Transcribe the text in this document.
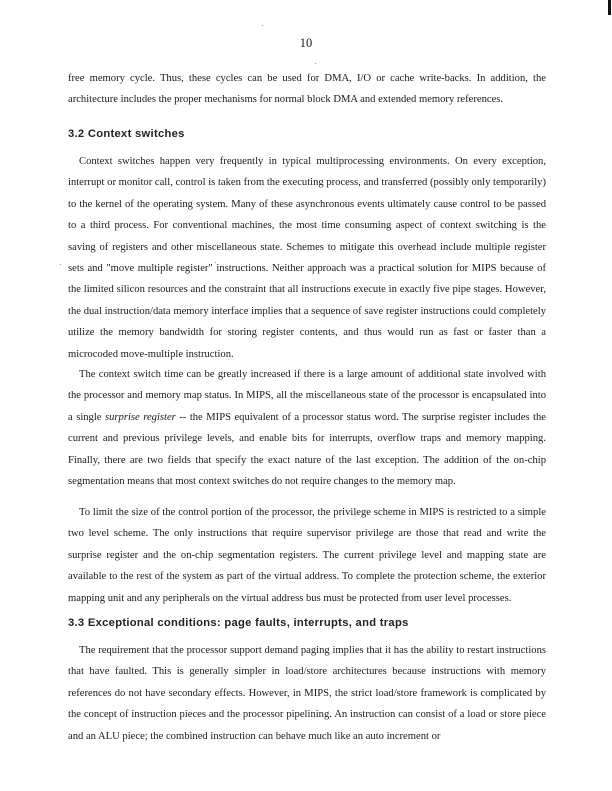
10

free memory cycle. Thus, these cycles can be used for DMA, I/O or cache write-backs. In addition, the architecture includes the proper mechanisms for normal block DMA and extended memory references.

3.2 Context switches

Context switches happen very frequently in typical multiprocessing environments. On every exception, interrupt or monitor call, control is taken from the executing process, and transferred (possibly only temporarily) to the kernel of the operating system. Many of these asynchronous events ultimately cause control to be passed to a third process. For conventional machines, the most time consuming aspect of context switching is the saving of registers and other miscellaneous state. Schemes to mitigate this overhead include multiple register sets and "move multiple register" instructions. Neither approach was a practical solution for MIPS because of the limited silicon resources and the constraint that all instructions execute in exactly five pipe stages. However, the dual instruction/data memory interface implies that a sequence of save register instructions could completely utilize the memory bandwidth for storing register contents, and thus would run as fast or faster than a microcoded move-multiple instruction.

The context switch time can be greatly increased if there is a large amount of additional state involved with the processor and memory map status. In MIPS, all the miscellaneous state of the processor is encapsulated into a single surprise register -- the MIPS equivalent of a processor status word. The surprise register includes the current and previous privilege levels, and enable bits for interrupts, overflow traps and memory mapping. Finally, there are two fields that specify the exact nature of the last exception. The addition of the on-chip segmentation means that most context switches do not require changes to the memory map.

To limit the size of the control portion of the processor, the privilege scheme in MIPS is restricted to a simple two level scheme. The only instructions that require supervisor privilege are those that read and write the surprise register and the on-chip segmentation registers. The current privilege level and mapping state are available to the rest of the system as part of the virtual address. To complete the protection scheme, the exterior mapping unit and any peripherals on the virtual address bus must be protected from user level processes.

3.3 Exceptional conditions: page faults, interrupts, and traps

The requirement that the processor support demand paging implies that it has the ability to restart instructions that have faulted. This is generally simpler in load/store architectures because instructions with memory references do not have secondary effects. However, in MIPS, the strict load/store framework is complicated by the concept of instruction pieces and the processor pipelining. An instruction can consist of a load or store piece and an ALU piece; the combined instruction can behave much like an auto increment or
